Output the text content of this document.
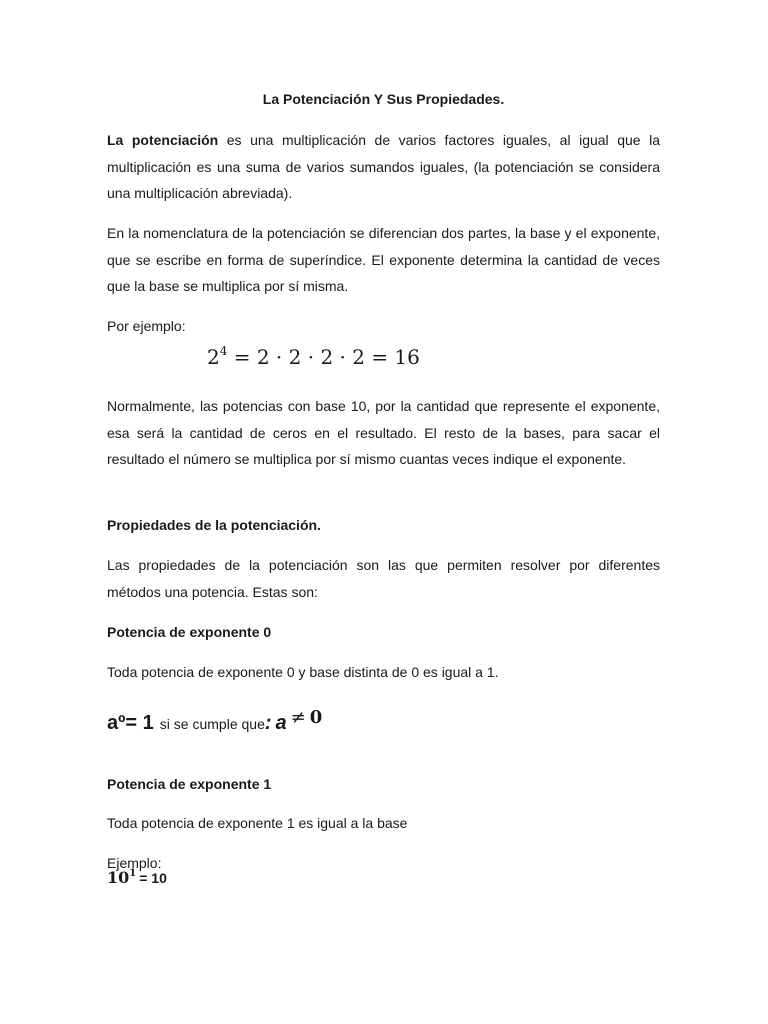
La Potenciación Y Sus Propiedades.

La potenciación es una multiplicación de varios factores iguales, al igual que la multiplicación es una suma de varios sumandos iguales, (la potenciación se considera una multiplicación abreviada).

En la nomenclatura de la potenciación se diferencian dos partes, la base y el exponente, que se escribe en forma de superíndice. El exponente determina la cantidad de veces que la base se multiplica por sí misma.

Por ejemplo:

$2^4 = 2 \cdot 2 \cdot 2 \cdot 2 = 16$

Normalmente, las potencias con base 10, por la cantidad que represente el exponente, esa será la cantidad de ceros en el resultado. El resto de la bases, para sacar el resultado el número se multiplica por sí mismo cuantas veces indique el exponente.

Propiedades de la potenciación.

Las propiedades de la potenciación son las que permiten resolver por diferentes métodos una potencia. Estas son:

Potencia de exponente 0

Toda potencia de exponente 0 y base distinta de 0 es igual a 1.

aº= 1 si se cumple que: a ≠ 0

Potencia de exponente 1

Toda potencia de exponente 1 es igual a la base

Ejemplo:

$10^1 = 10$
